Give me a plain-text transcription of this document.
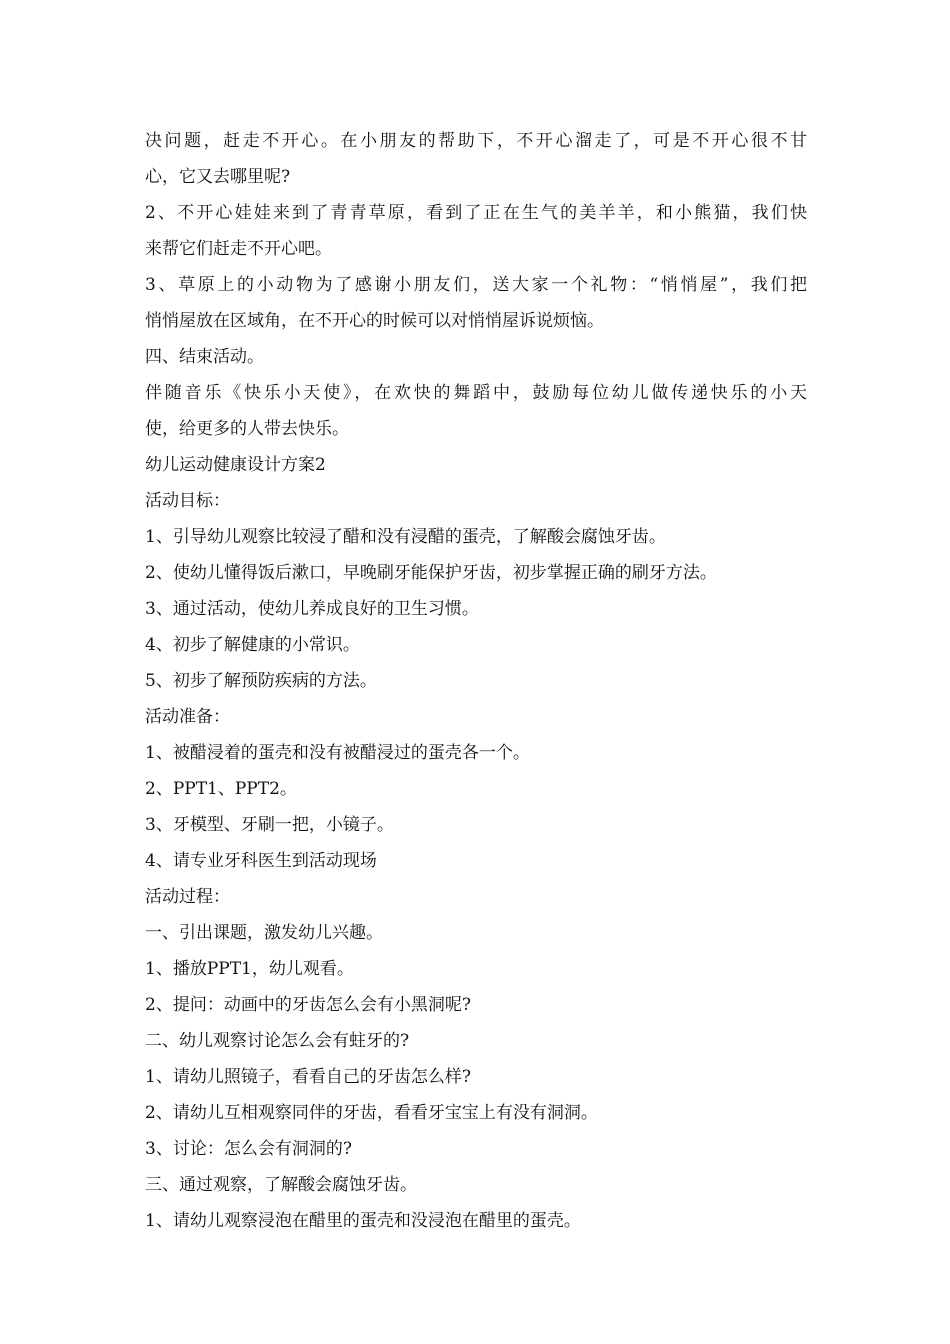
决问题，赶走不开心。在小朋友的帮助下，不开心溜走了，可是不开心很不甘
心，它又去哪里呢?
2、不开心娃娃来到了青青草原，看到了正在生气的美羊羊，和小熊猫，我们快
来帮它们赶走不开心吧。
3、草原上的小动物为了感谢小朋友们，送大家一个礼物：“悄悄屋”，我们把
悄悄屋放在区域角，在不开心的时候可以对悄悄屋诉说烦恼。
四、结束活动。
伴随音乐《快乐小天使》，在欢快的舞蹈中，鼓励每位幼儿做传递快乐的小天
使，给更多的人带去快乐。
幼儿运动健康设计方案2
活动目标：
1、引导幼儿观察比较浸了醋和没有浸醋的蛋壳，了解酸会腐蚀牙齿。
2、使幼儿懂得饭后漱口，早晚刷牙能保护牙齿，初步掌握正确的刷牙方法。
3、通过活动，使幼儿养成良好的卫生习惯。
4、初步了解健康的小常识。
5、初步了解预防疾病的方法。
活动准备：
1、被醋浸着的蛋壳和没有被醋浸过的蛋壳各一个。
2、PPT1、PPT2。
3、牙模型、牙刷一把，小镜子。
4、请专业牙科医生到活动现场
活动过程：
一、引出课题，激发幼儿兴趣。
1、播放PPT1，幼儿观看。
2、提问：动画中的牙齿怎么会有小黑洞呢?
二、幼儿观察讨论怎么会有蛀牙的?
1、请幼儿照镜子，看看自己的牙齿怎么样?
2、请幼儿互相观察同伴的牙齿，看看牙宝宝上有没有洞洞。
3、讨论：怎么会有洞洞的?
三、通过观察，了解酸会腐蚀牙齿。
1、请幼儿观察浸泡在醋里的蛋壳和没浸泡在醋里的蛋壳。
